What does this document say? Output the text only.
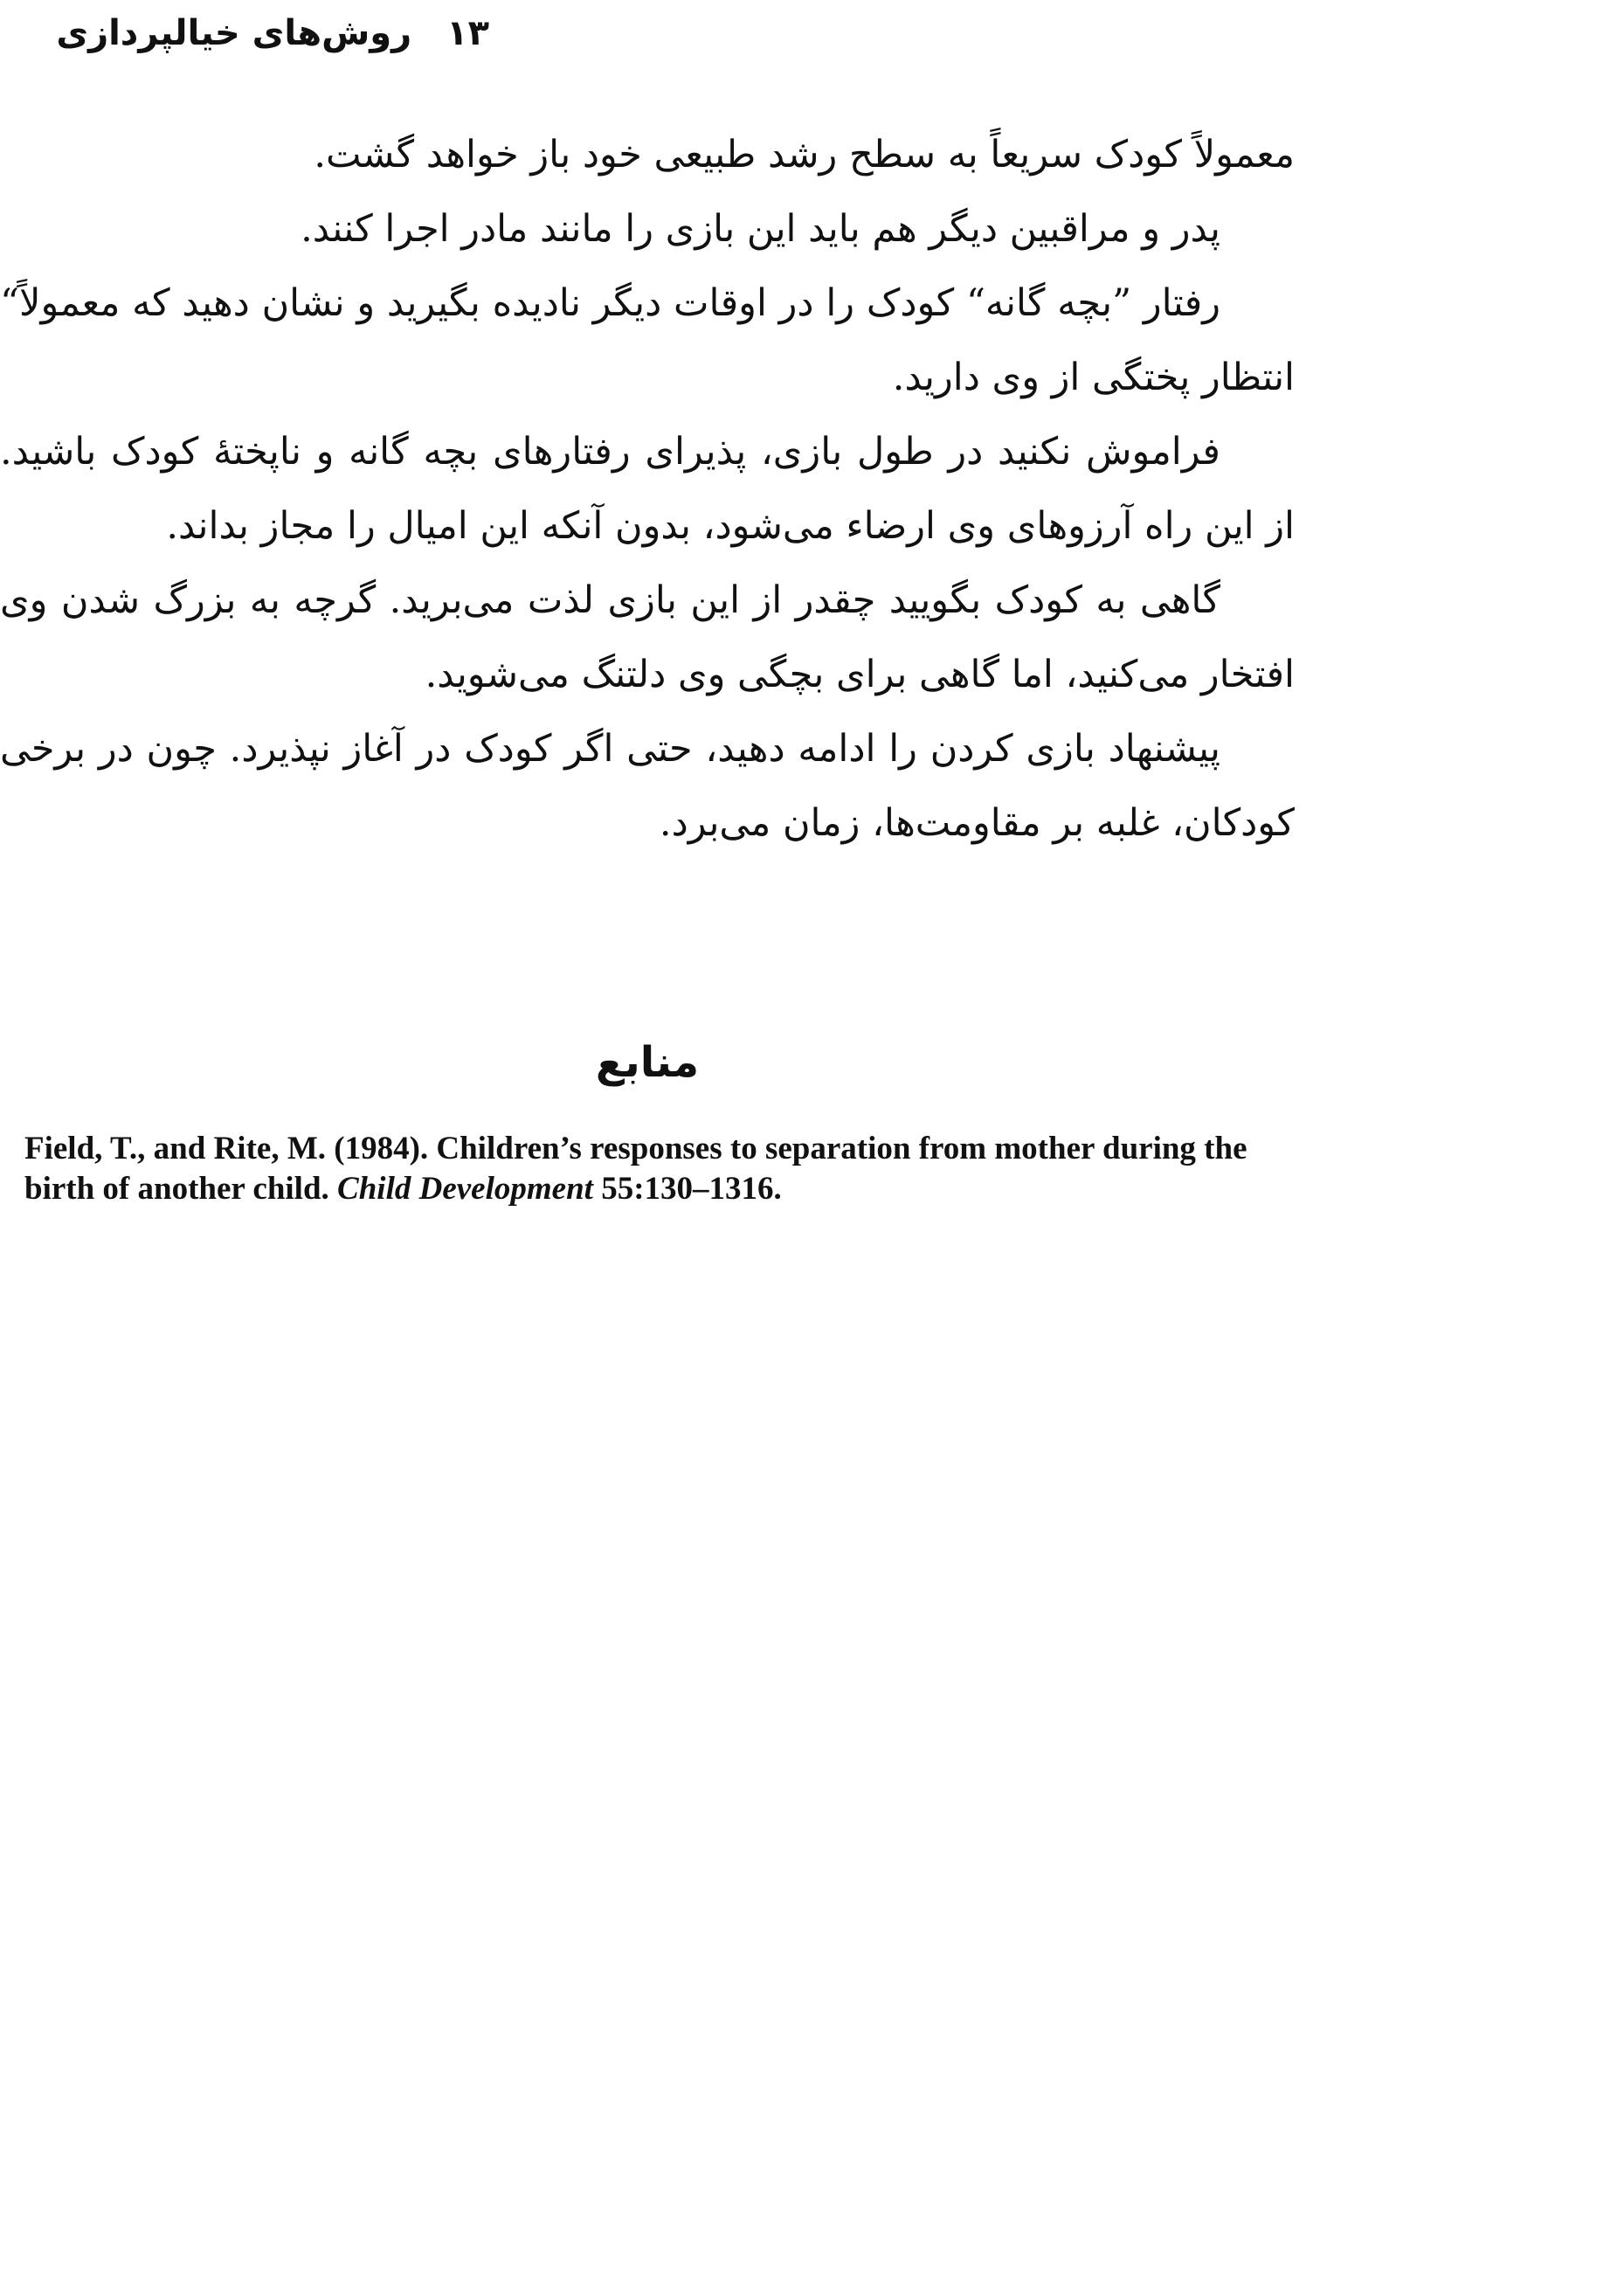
۱۳
روش‌های خیالپردازی

معمولاً کودک سریعاً به سطح رشد طبیعی خود باز خواهد گشت.

پدر و مراقبین دیگر هم باید این بازی را مانند مادر اجرا کنند.

رفتار ”بچه گانه“ کودک را در اوقات دیگر نادیده بگیرید و نشان دهید که معمولاً“ انتظار پختگی از وی دارید.

فراموش نکنید در طول بازی، پذیرای رفتارهای بچه گانه و ناپختهٔ کودک باشید. از این راه آرزوهای وی ارضاء می‌شود، بدون آنکه این امیال را مجاز بداند.

گاهی به کودک بگویید چقدر از این بازی لذت می‌برید. گرچه به بزرگ شدن وی افتخار می‌کنید، اما گاهی برای بچگی وی دلتنگ می‌شوید.

پیشنهاد بازی کردن را ادامه دهید، حتی اگر کودک در آغاز نپذیرد. چون در برخی کودکان، غلبه بر مقاومت‌ها، زمان می‌برد.

منابع

Field, T., and Rite, M. (1984). Children’s responses to separation from mother during the birth of another child. Child Development 55:130–1316.
